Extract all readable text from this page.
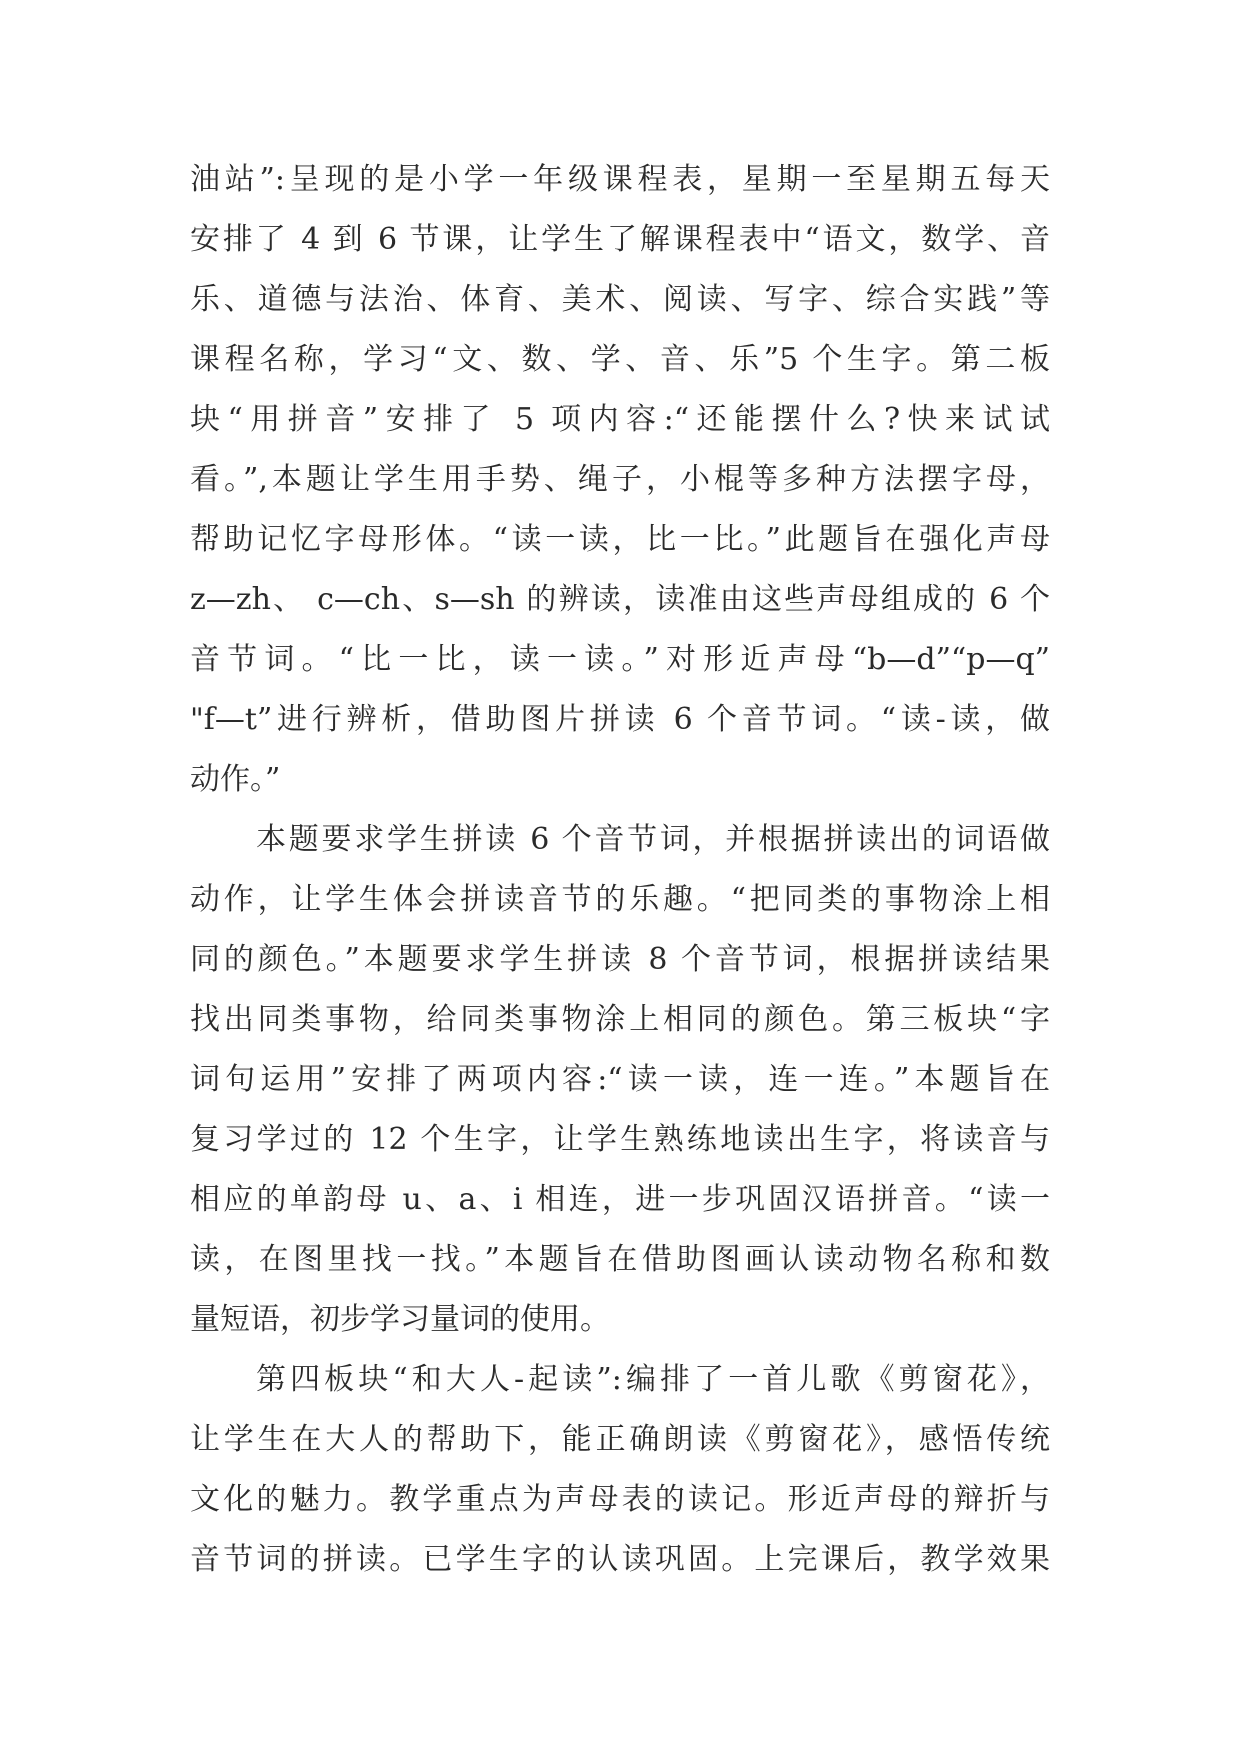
油站”:呈现的是小学一年级课程表，星期一至星期五每天
安排了 4 到 6 节课，让学生了解课程表中“语文，数学、音
乐、道德与法治、体育、美术、阅读、写字、综合实践”等
课程名称，学习“文、数、学、音、乐”5 个生字。第二板
块“用拼音”安排了 5 项内容:“还能摆什么?快来试试
看。”,本题让学生用手势、绳子，小棍等多种方法摆字母，
帮助记忆字母形体。“读一读，比一比。”此题旨在强化声母
z—zh、 c—ch、s—sh 的辨读，读准由这些声母组成的 6 个
音节词。“比一比，读一读。”对形近声母“b—d”“p—q”
"f—t”进行辨析，借助图片拼读 6 个音节词。“读-读，做
动作。”
本题要求学生拼读 6 个音节词，并根据拼读出的词语做
动作，让学生体会拼读音节的乐趣。“把同类的事物涂上相
同的颜色。”本题要求学生拼读 8 个音节词，根据拼读结果
找出同类事物，给同类事物涂上相同的颜色。第三板块“字
词句运用”安排了两项内容:“读一读，连一连。”本题旨在
复习学过的 12 个生字，让学生熟练地读出生字，将读音与
相应的单韵母 u、a、i 相连，进一步巩固汉语拼音。“读一
读，在图里找一找。”本题旨在借助图画认读动物名称和数
量短语，初步学习量词的使用。
第四板块“和大人-起读”:编排了一首儿歌《剪窗花》，
让学生在大人的帮助下，能正确朗读《剪窗花》，感悟传统
文化的魅力。教学重点为声母表的读记。形近声母的辩折与
音节词的拼读。已学生字的认读巩固。上完课后，教学效果
